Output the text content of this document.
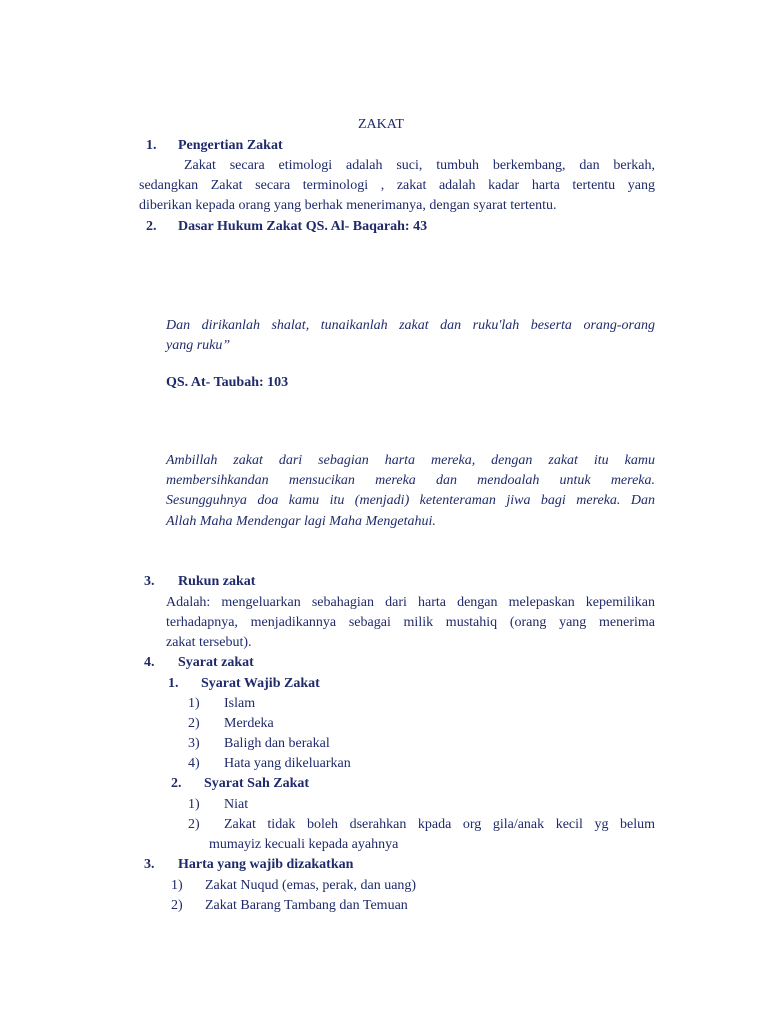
ZAKAT
1. Pengertian Zakat
Zakat secara etimologi adalah suci, tumbuh berkembang, dan berkah,
sedangkan Zakat secara terminologi , zakat adalah kadar harta tertentu yang
diberikan kepada orang yang berhak menerimanya, dengan syarat tertentu.
2. Dasar Hukum Zakat QS. Al- Baqarah: 43
Dan dirikanlah shalat, tunaikanlah zakat dan ruku'lah beserta orang-orang
yang ruku”
QS. At- Taubah: 103
Ambillah zakat dari sebagian harta mereka, dengan zakat itu kamu
membersihkandan mensucikan mereka dan mendoalah untuk mereka.
Sesungguhnya doa kamu itu (menjadi) ketenteraman jiwa bagi mereka. Dan
Allah Maha Mendengar lagi Maha Mengetahui.
3. Rukun zakat
Adalah: mengeluarkan sebahagian dari harta dengan melepaskan kepemilikan
terhadapnya, menjadikannya sebagai milik mustahiq (orang yang menerima
zakat tersebut).
4. Syarat zakat
1. Syarat Wajib Zakat
1) Islam
2) Merdeka
3) Baligh dan berakal
4) Hata yang dikeluarkan
2. Syarat Sah Zakat
1) Niat
2) Zakat tidak boleh dserahkan kpada org gila/anak kecil yg belum
mumayiz kecuali kepada ayahnya
3. Harta yang wajib dizakatkan
1) Zakat Nuqud (emas, perak, dan uang)
2) Zakat Barang Tambang dan Temuan
